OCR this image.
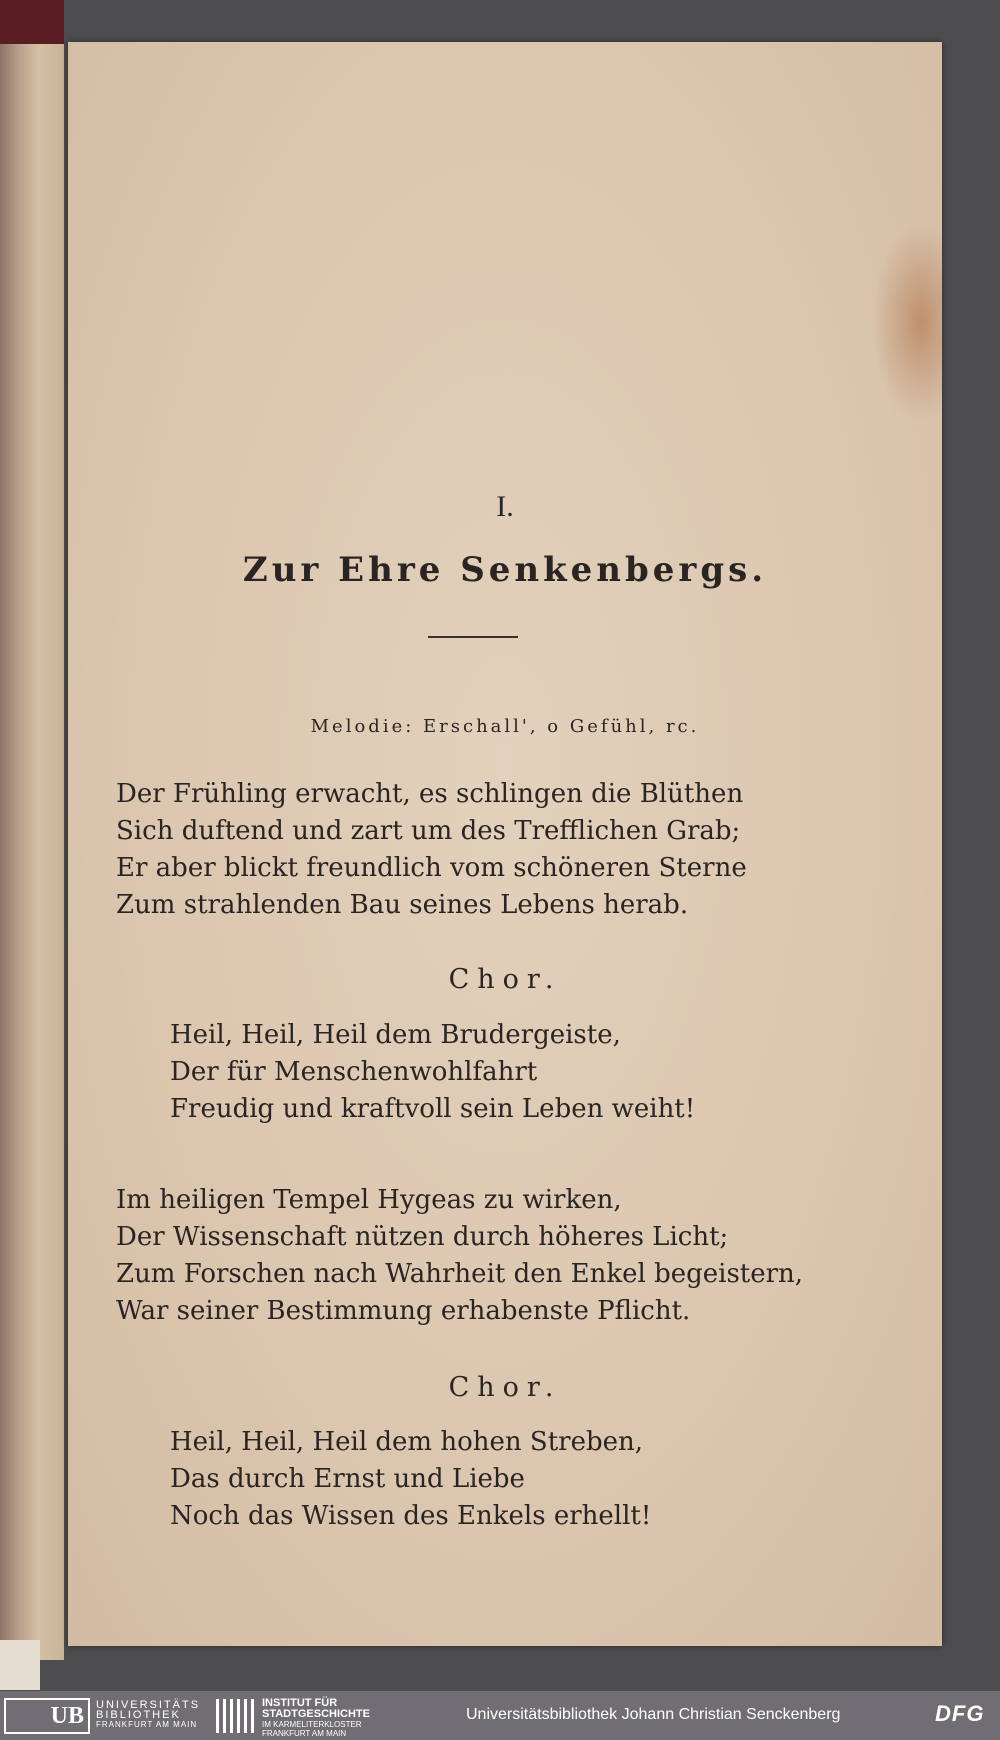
I.
Zur Ehre Senkenbergs.
Melodie: Erschall', o Gefühl, rc.
Der Frühling erwacht, es schlingen die Blüthen
Sich duftend und zart um des Trefflichen Grab;
Er aber blickt freundlich vom schöneren Sterne
Zum strahlenden Bau seines Lebens herab.
Chor.
Heil, Heil, Heil dem Brudergeiste,
Der für Menschenwohlfahrt
Freudig und kraftvoll sein Leben weiht!
Im heiligen Tempel Hygeas zu wirken,
Der Wissenschaft nützen durch höheres Licht;
Zum Forschen nach Wahrheit den Enkel begeistern,
War seiner Bestimmung erhabenste Pflicht.
Chor.
Heil, Heil, Heil dem hohen Streben,
Das durch Ernst und Liebe
Noch das Wissen des Enkels erhellt!
UB	UNIVERSITÄTS
BIBLIOTHEK
FRANKFURT AM MAIN
INSTITUT FÜR
STADTGESCHICHTE
IM KARMELITERKLOSTER
FRANKFURT AM MAIN
Universitätsbibliothek Johann Christian Senckenberg	DFG
